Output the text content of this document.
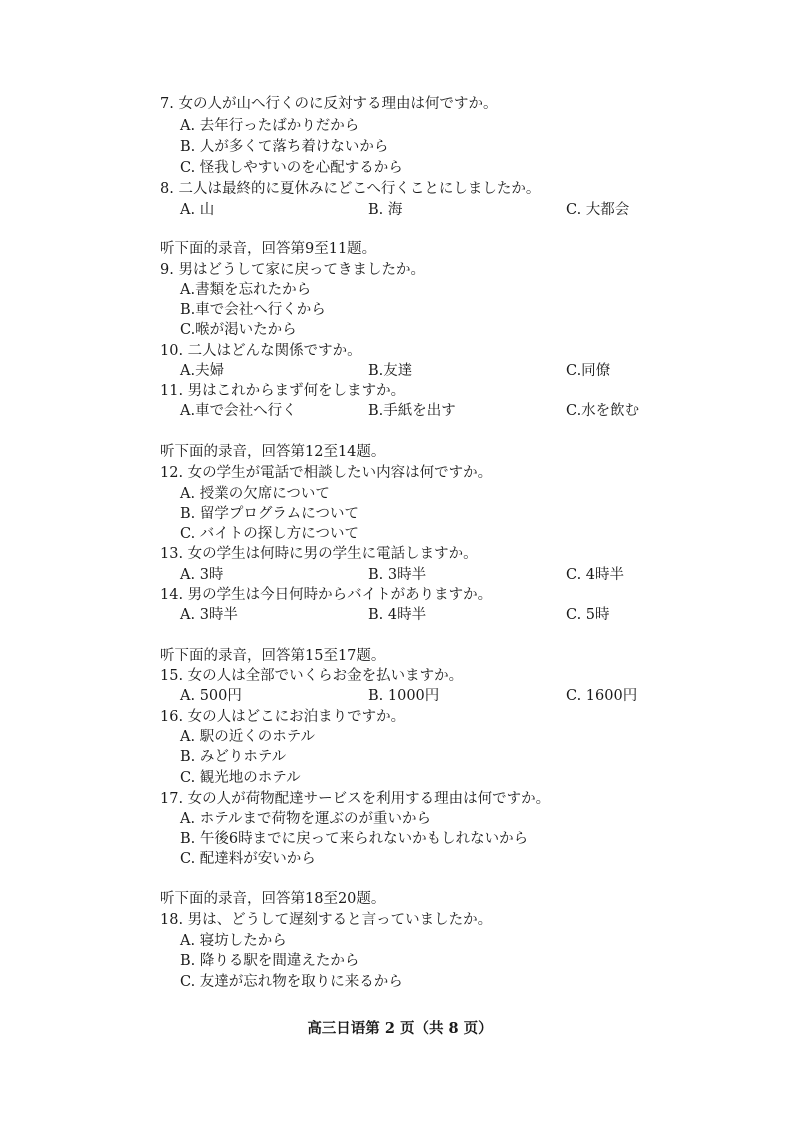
7. 女の人が山へ行くのに反対する理由は何ですか。
A. 去年行ったばかりだから
B. 人が多くて落ち着けないから
C. 怪我しやすいのを心配するから
8. 二人は最終的に夏休みにどこへ行くことにしましたか。
A. 山	B. 海	C. 大都会
听下面的录音，回答第9至11题。
9. 男はどうして家に戻ってきましたか。
A.書類を忘れたから
B.車で会社へ行くから
C.喉が渇いたから
10. 二人はどんな関係ですか。
A.夫婦	B.友達	C.同僚
11. 男はこれからまず何をしますか。
A.車で会社へ行く	B.手紙を出す	C.水を飲む
听下面的录音，回答第12至14题。
12. 女の学生が電話で相談したい内容は何ですか。
A. 授業の欠席について
B. 留学プログラムについて
C. バイトの探し方について
13. 女の学生は何時に男の学生に電話しますか。
A. 3時	B. 3時半	C. 4時半
14. 男の学生は今日何時からバイトがありますか。
A. 3時半	B. 4時半	C. 5時
听下面的录音，回答第15至17题。
15. 女の人は全部でいくらお金を払いますか。
A. 500円	B. 1000円	C. 1600円
16. 女の人はどこにお泊まりですか。
A. 駅の近くのホテル
B. みどりホテル
C. 観光地のホテル
17. 女の人が荷物配達サービスを利用する理由は何ですか。
A. ホテルまで荷物を運ぶのが重いから
B. 午後6時までに戻って来られないかもしれないから
C. 配達料が安いから
听下面的录音，回答第18至20题。
18. 男は、どうして遅刻すると言っていましたか。
A. 寝坊したから
B. 降りる駅を間違えたから
C. 友達が忘れ物を取りに来るから
高三日语第 2 页（共 8 页）
